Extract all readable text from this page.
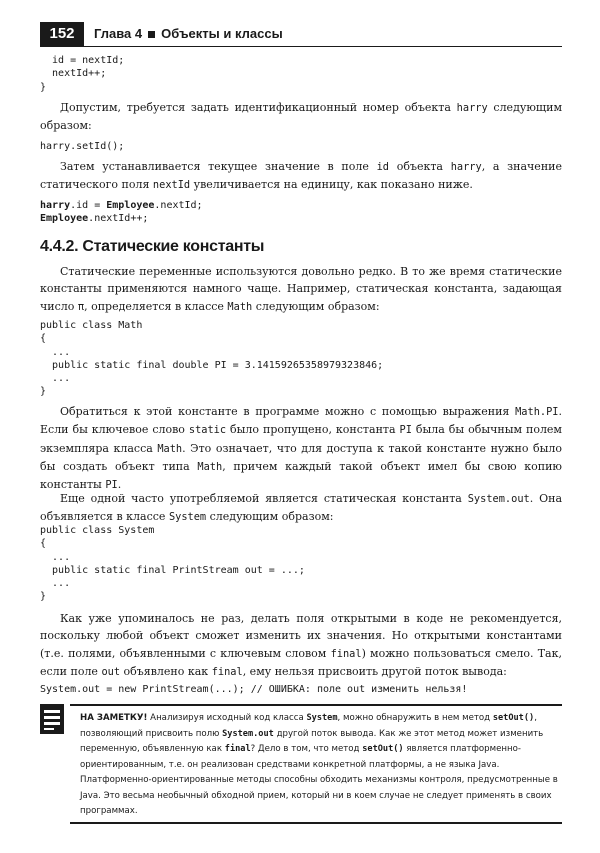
152	Глава 4 Объекты и классы
id = nextId;
nextId++;
}

Допустим, требуется задать идентификационный номер объекта harry следующим образом:

harry.setId();

Затем устанавливается текущее значение в поле id объекта harry, а значение статического поля nextId увеличивается на единицу, как показано ниже.

harry.id = Employee.nextId;
Employee.nextId++;
4.4.2. Статические константы

Статические переменные используются довольно редко. В то же время статические константы применяются намного чаще. Например, статическая константа, задающая число π, определяется в классе Math следующим образом:

public class Math
{
...
public static final double PI = 3.14159265358979323846;
...
}

Обратиться к этой константе в программе можно с помощью выражения Math.PI. Если бы ключевое слово static было пропущено, константа PI была бы обычным полем экземпляра класса Math. Это означает, что для доступа к такой константе нужно было бы создать объект типа Math, причем каждый такой объект имел бы свою копию константы PI.

Еще одной часто употребляемой является статическая константа System.out. Она объявляется в классе System следующим образом:

public class System
{
...
public static final PrintStream out = ...;
...
}

Как уже упоминалось не раз, делать поля открытыми в коде не рекомендуется, поскольку любой объект сможет изменить их значения. Но открытыми константами (т.е. полями, объявленными с ключевым словом final) можно пользоваться смело. Так, если поле out объявлено как final, ему нельзя присвоить другой поток вывода:

System.out = new PrintStream(...); // ОШИБКА: поле out изменить нельзя!

НА ЗАМЕТКУ! Анализируя исходный код класса System, можно обнаружить в нем метод setOut(), позволяющий присвоить полю System.out другой поток вывода. Как же этот метод может изменить переменную, объявленную как final? Дело в том, что метод setOut() является платформенно-ориентированным, т.е. он реализован средствами конкретной платформы, а не языка Java. Платформенно-ориентированные методы способны обходить механизмы контроля, предусмотренные в Java. Это весьма необычный обходной прием, который ни в коем случае не следует применять в своих программах.
